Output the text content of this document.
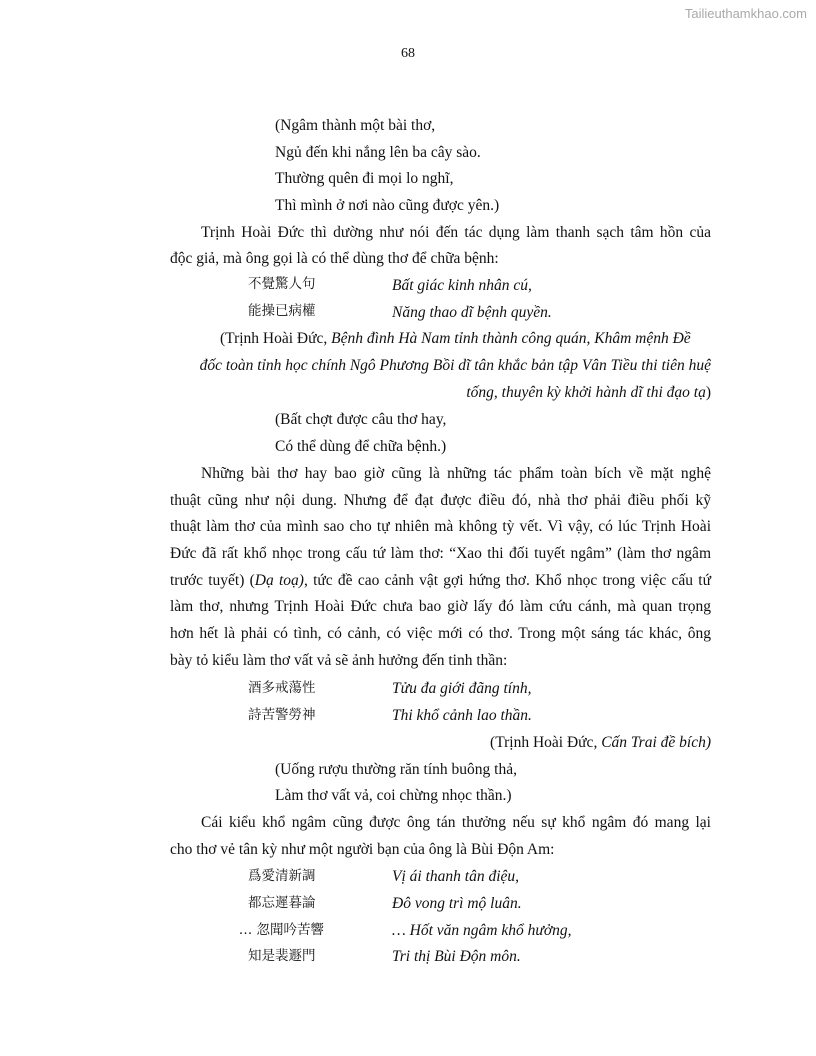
Tailieuthamkhao.com
68
(Ngâm thành một bài thơ,
Ngủ đến khi nắng lên ba cây sào.
Thường quên đi mọi lo nghĩ,
Thì mình ở nơi nào cũng được yên.)
Trịnh Hoài Đức thì dường như nói đến tác dụng làm thanh sạch tâm hồn của
độc giả, mà ông gọi là có thể dùng thơ để chữa bệnh:
不覺驚人句	Bất giác kinh nhân cú,
能操已病權	Năng thao dĩ bệnh quyền.
(Trịnh Hoài Đức, Bệnh đình Hà Nam tỉnh thành công quán, Khâm mệnh Đề
đốc toàn tỉnh học chính Ngô Phương Bồi dĩ tân khắc bản tập Vân Tiều thi tiên huệ
tống, thuyên kỳ khởi hành dĩ thi đạo tạ)
(Bất chợt được câu thơ hay,
Có thể dùng để chữa bệnh.)
Những bài thơ hay bao giờ cũng là những tác phẩm toàn bích về mặt nghệ
thuật cũng như nội dung. Nhưng để đạt được điều đó, nhà thơ phải điều phối kỹ
thuật làm thơ của mình sao cho tự nhiên mà không tỳ vết. Vì vậy, có lúc Trịnh Hoài
Đức đã rất khổ nhọc trong cấu tứ làm thơ: “Xao thi đối tuyết ngâm” (làm thơ ngâm
trước tuyết) (Dạ toạ), tức đề cao cảnh vật gợi hứng thơ. Khổ nhọc trong việc cấu tứ
làm thơ, nhưng Trịnh Hoài Đức chưa bao giờ lấy đó làm cứu cánh, mà quan trọng
hơn hết là phải có tình, có cảnh, có việc mới có thơ. Trong một sáng tác khác, ông
bày tỏ kiểu làm thơ vất vả sẽ ảnh hưởng đến tinh thần:
酒多戒蕩性	Tửu đa giới đãng tính,
詩苦警勞神	Thi khổ cảnh lao thần.
(Trịnh Hoài Đức, Cấn Trai đề bích)
(Uống rượu thường răn tính buông thả,
Làm thơ vất vả, coi chừng nhọc thần.)
Cái kiểu khổ ngâm cũng được ông tán thưởng nếu sự khổ ngâm đó mang lại
cho thơ vẻ tân kỳ như một người bạn của ông là Bùi Độn Am:
爲愛清新調	Vị ái thanh tân điệu,
都忘遲暮論	Đô vong trì mộ luân.
… 忽聞吟苦響	… Hốt văn ngâm khổ hưởng,
知是裴遯門	Tri thị Bùi Độn môn.
